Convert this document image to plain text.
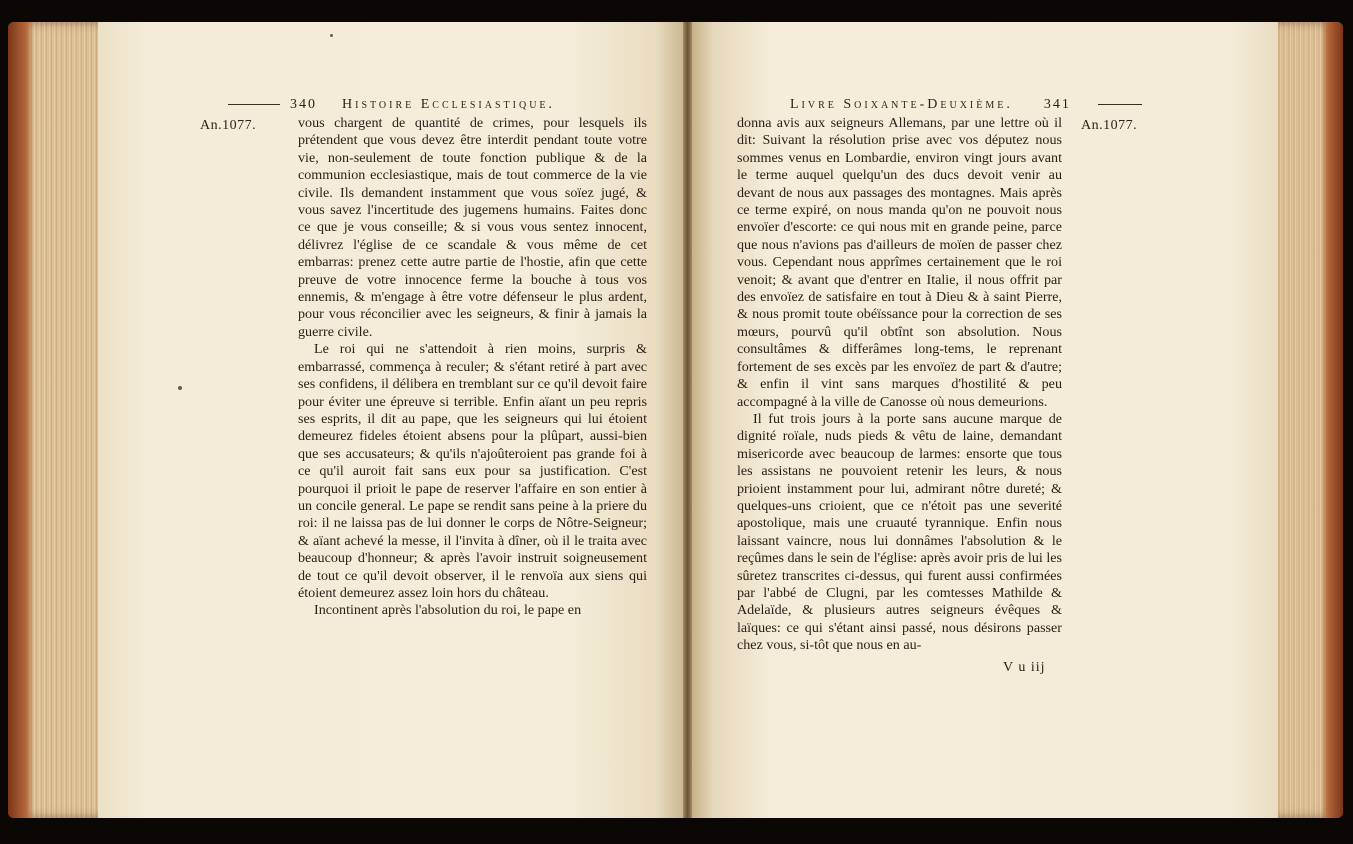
340 Histoire Ecclesiastique.
An.1077.	vous chargent de quantité de crimes, pour lesquels ils prétendent que vous devez être interdit pendant toute votre vie, non-seulement de toute fonction publique & de la communion ecclesiastique, mais de tout commerce de la vie civile. Ils demandent instamment que vous soïez jugé, & vous savez l'incertitude des jugemens humains. Faites donc ce que je vous conseille; & si vous vous sentez innocent, délivrez l'église de ce scandale & vous même de cet embarras: prenez cette autre partie de l'hostie, afin que cette preuve de votre innocence ferme la bouche à tous vos ennemis, & m'engage à être votre défenseur le plus ardent, pour vous réconcilier avec les seigneurs, & finir à jamais la guerre civile.

Le roi qui ne s'attendoit à rien moins, surpris & embarrassé, commença à reculer; & s'étant retiré à part avec ses confidens, il délibera en tremblant sur ce qu'il devoit faire pour éviter une épreuve si terrible. Enfin aïant un peu repris ses esprits, il dit au pape, que les seigneurs qui lui étoient demeurez fideles étoient absens pour la plûpart, aussi-bien que ses accusateurs; & qu'ils n'ajoûteroient pas grande foi à ce qu'il auroit fait sans eux pour sa justification. C'est pourquoi il prioit le pape de reserver l'affaire en son entier à un concile general. Le pape se rendit sans peine à la priere du roi: il ne laissa pas de lui donner le corps de Nôtre-Seigneur; & aïant achevé la messe, il l'invita à dîner, où il le traita avec beaucoup d'honneur; & après l'avoir instruit soigneusement de tout ce qu'il devoit observer, il le renvoïa aux siens qui étoient demeurez assez loin hors du château.

Incontinent après l'absolution du roi, le pape en

Livre Soixante-Deuxième. 341
An.1077.

donna avis aux seigneurs Allemans, par une lettre où il dit: Suivant la résolution prise avec vos députez nous sommes venus en Lombardie, environ vingt jours avant le terme auquel quelqu'un des ducs devoit venir au devant de nous aux passages des montagnes. Mais après ce terme expiré, on nous manda qu'on ne pouvoit nous envoïer d'escorte: ce qui nous mit en grande peine, parce que nous n'avions pas d'ailleurs de moïen de passer chez vous. Cependant nous apprîmes certainement que le roi venoit; & avant que d'entrer en Italie, il nous offrit par des envoïez de satisfaire en tout à Dieu & à saint Pierre, & nous promit toute obéïssance pour la correction de ses mœurs, pourvû qu'il obtînt son absolution. Nous consultâmes & differâmes long-tems, le reprenant fortement de ses excès par les envoïez de part & d'autre; & enfin il vint sans marques d'hostilité & peu accompagné à la ville de Canosse où nous demeurions.

Il fut trois jours à la porte sans aucune marque de dignité roïale, nuds pieds & vêtu de laine, demandant misericorde avec beaucoup de larmes: ensorte que tous les assistans ne pouvoient retenir les leurs, & nous prioient instamment pour lui, admirant nôtre dureté; & quelques-uns crioient, que ce n'étoit pas une severité apostolique, mais une cruauté tyrannique. Enfin nous laissant vaincre, nous lui donnâmes l'absolution & le reçûmes dans le sein de l'église: après avoir pris de lui les sûretez transcrites ci-dessus, qui furent aussi confirmées par l'abbé de Clugni, par les comtesses Mathilde & Adelaïde, & plusieurs autres seigneurs évêques & laïques: ce qui s'étant ainsi passé, nous désirons passer chez vous, si-tôt que nous en au-

V u iij
